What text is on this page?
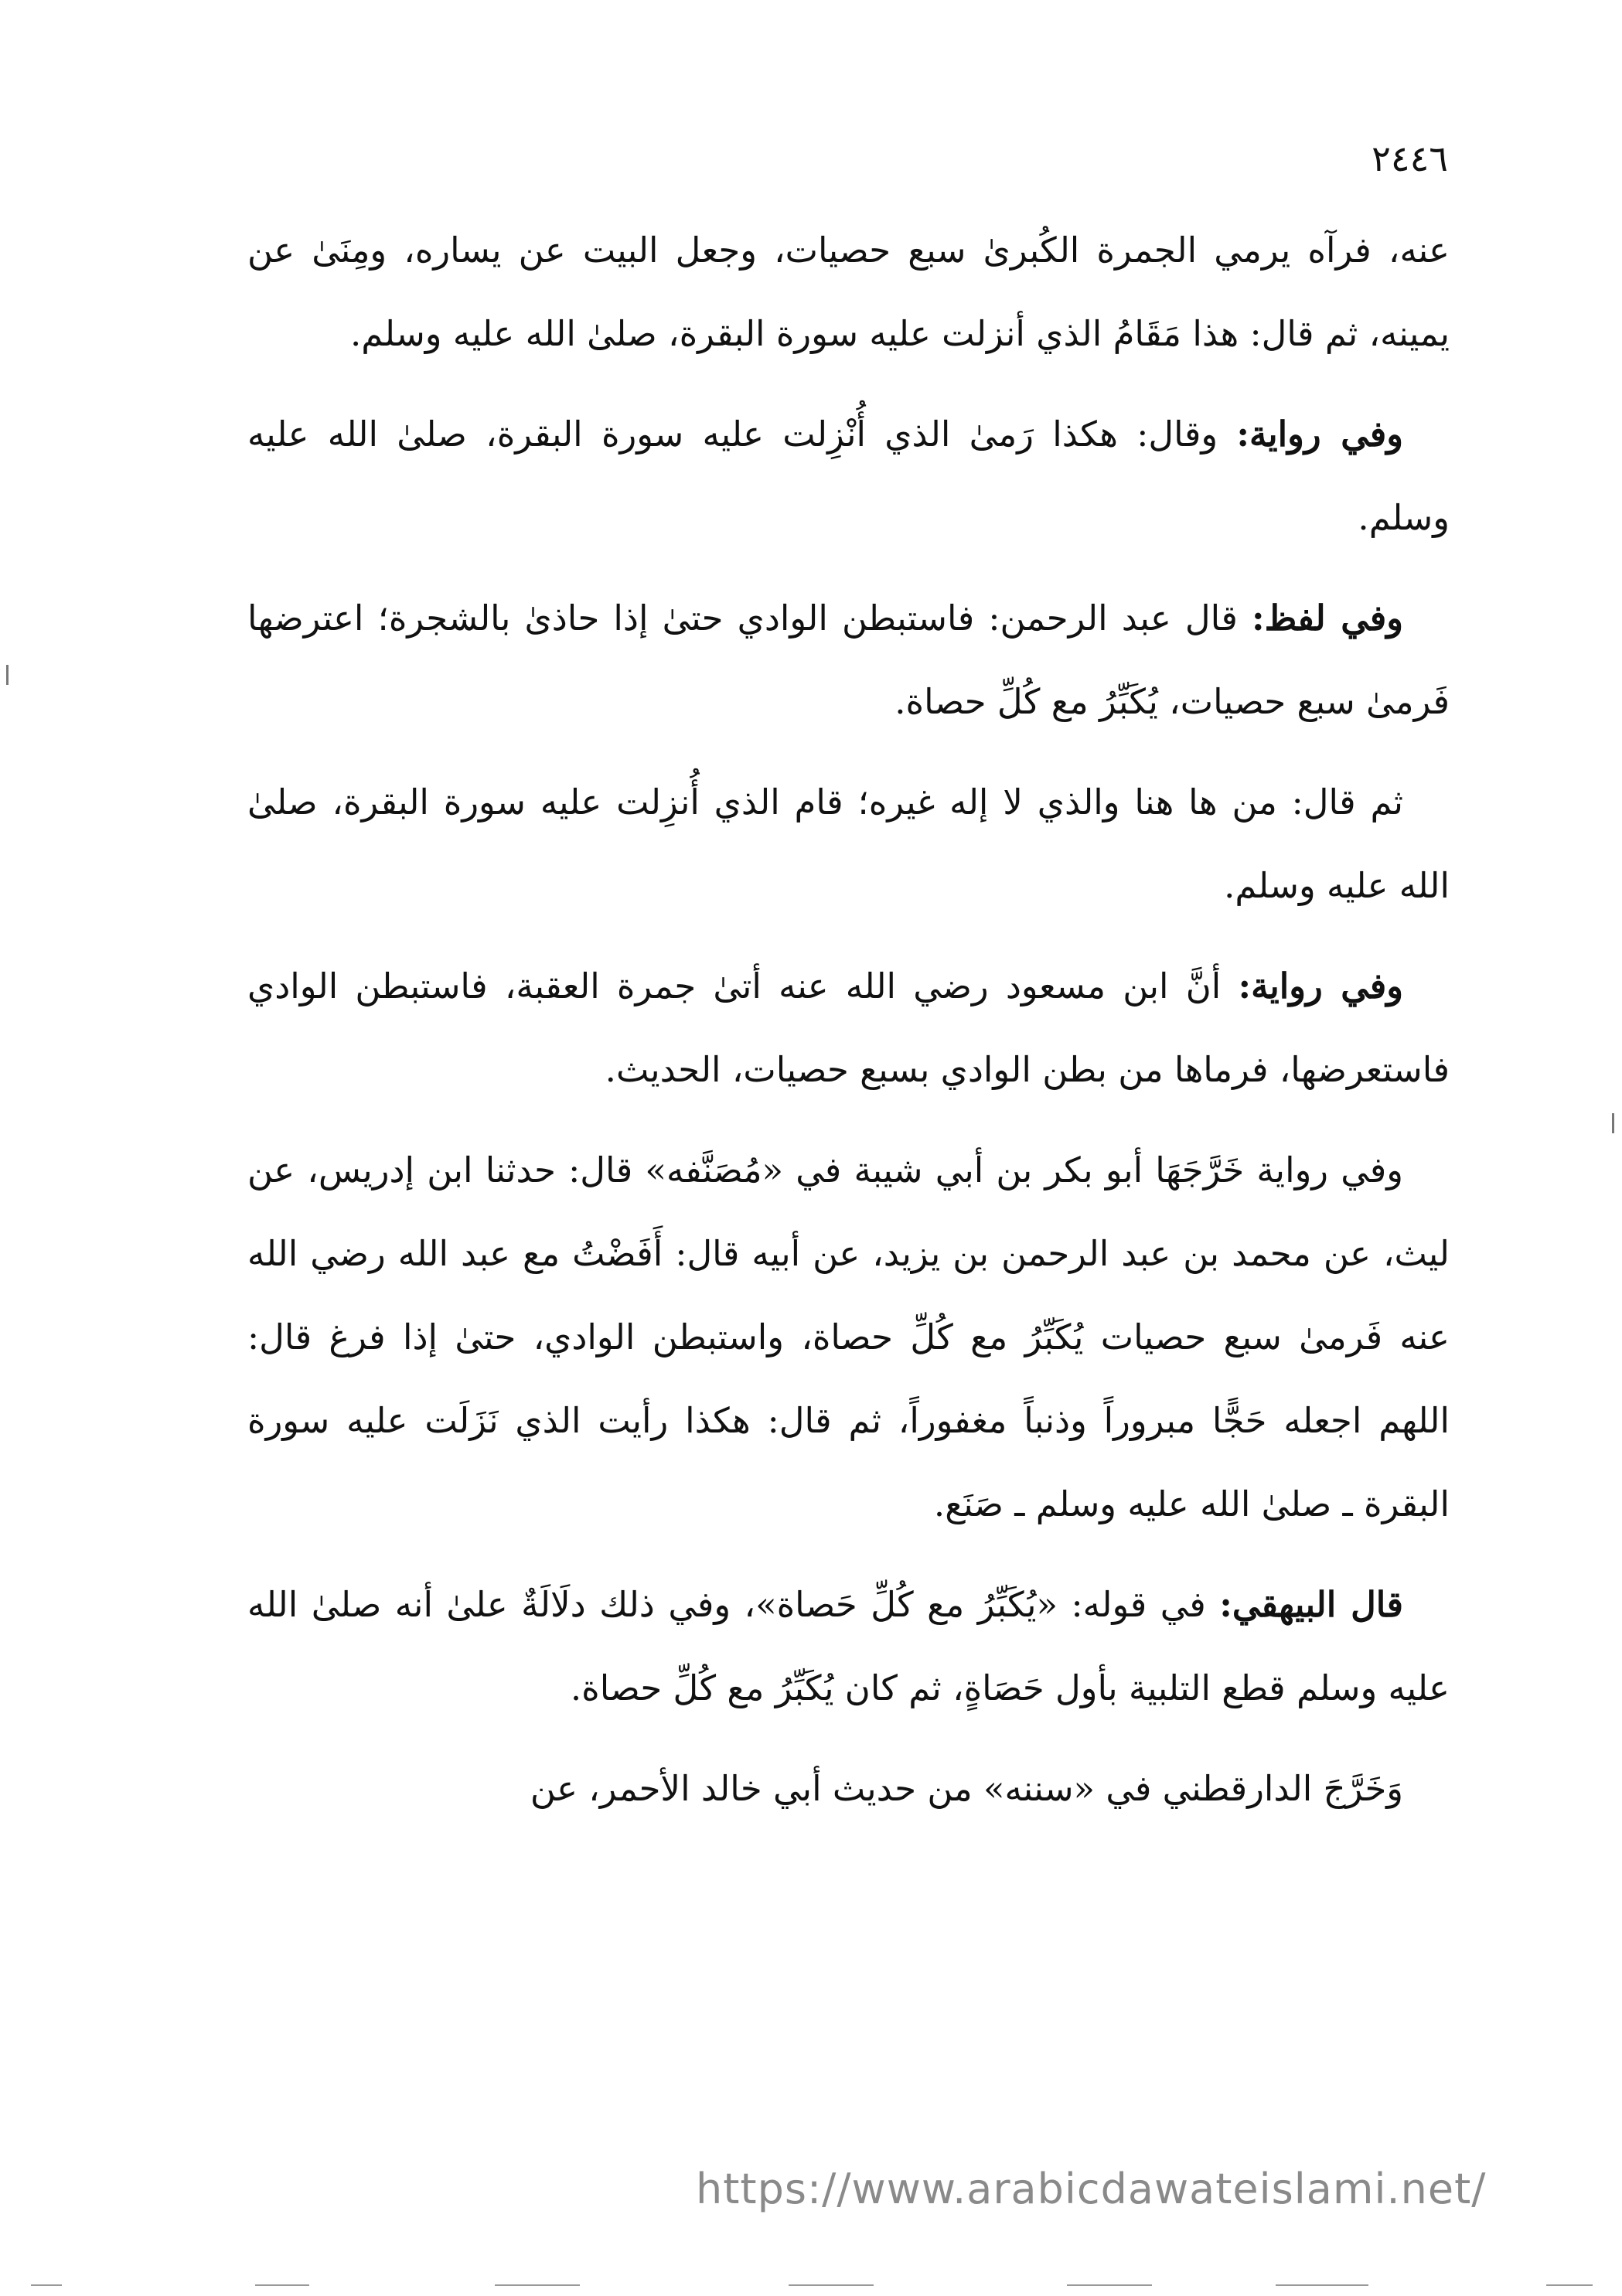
٢٤٤٦

عنه، فرآه يرمي الجمرة الكُبرىٰ سبع حصيات، وجعل البيت عن يساره، ومِنَىٰ عن يمينه، ثم قال: هذا مَقَامُ الذي أنزلت عليه سورة البقرة، صلىٰ الله عليه وسلم.

وفي رواية: وقال: هكذا رَمىٰ الذي أُنْزِلت عليه سورة البقرة، صلىٰ الله عليه وسلم.

وفي لفظ: قال عبد الرحمن: فاستبطن الوادي حتىٰ إذا حاذىٰ بالشجرة؛ اعترضها فَرمىٰ سبع حصيات، يُكَبِّرُ مع كُلِّ حصاة.

ثم قال: من ها هنا والذي لا إله غيره؛ قام الذي أُنزِلت عليه سورة البقرة، صلىٰ الله عليه وسلم.

وفي رواية: أنَّ ابن مسعود رضي الله عنه أتىٰ جمرة العقبة، فاستبطن الوادي فاستعرضها، فرماها من بطن الوادي بسبع حصيات، الحديث.

وفي رواية خَرَّجَهَا أبو بكر بن أبي شيبة في «مُصَنَّفه» قال: حدثنا ابن إدريس، عن ليث، عن محمد بن عبد الرحمن بن يزيد، عن أبيه قال: أَفَضْتُ مع عبد الله رضي الله عنه فَرمىٰ سبع حصيات يُكَبِّرُ مع كُلِّ حصاة، واستبطن الوادي، حتىٰ إذا فرغ قال: اللهم اجعله حَجًّا مبروراً وذنباً مغفوراً، ثم قال: هكذا رأيت الذي نَزَلَت عليه سورة البقرة ـ صلىٰ الله عليه وسلم ـ صَنَع.

قال البيهقي: في قوله: «يُكَبِّرُ مع كُلِّ حَصاة»، وفي ذلك دلَالَةٌ علىٰ أنه صلىٰ الله عليه وسلم قطع التلبية بأول حَصَاةٍ، ثم كان يُكَبِّرُ مع كُلِّ حصاة.

وَخَرَّجَ الدارقطني في «سننه» من حديث أبي خالد الأحمر، عن

https://www.arabicdawateislami.net/
